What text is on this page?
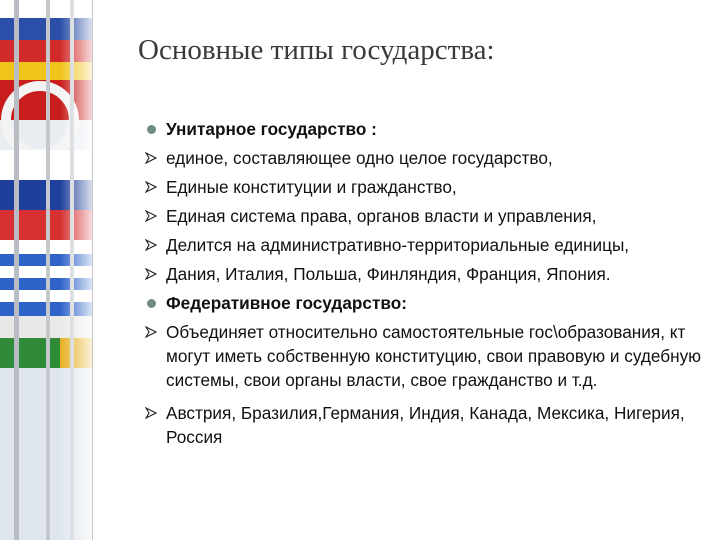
Основные типы государства:
Унитарное государство :
единое, составляющее одно целое государство,
Единые конституции и гражданство,
Единая система права, органов власти и управления,
Делится на административно-территориальные единицы,
Дания, Италия, Польша, Финляндия, Франция, Япония.
Федеративное государство:
Объединяет относительно самостоятельные гос\образования, кт могут иметь собственную конституцию, свои правовую и судебную системы, свои органы власти, свое гражданство и т.д.
Австрия, Бразилия,Германия, Индия, Канада, Мексика, Нигерия, Россия
